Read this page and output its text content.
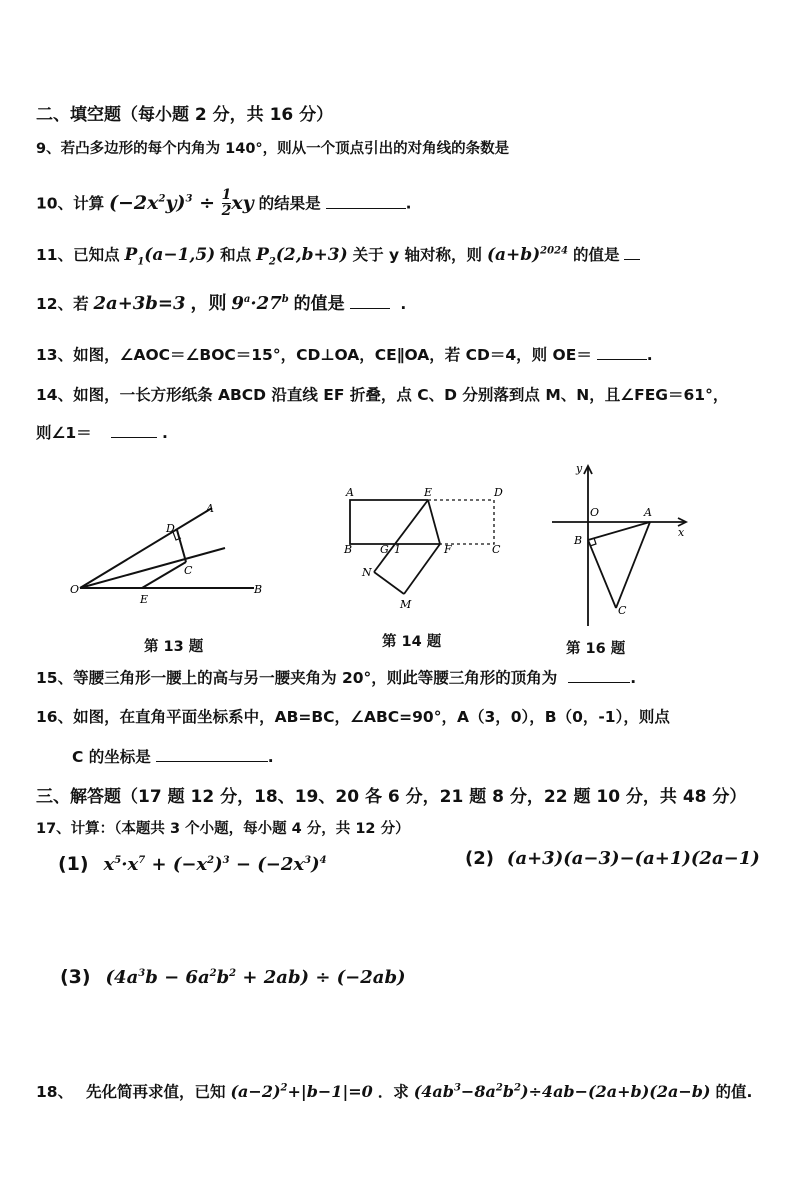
二、填空题（每小题 2 分，共 16 分）
9、若凸多边形的每个内角为 140°，则从一个顶点引出的对角线的条数是
10、计算 $(-2x^2y)^3 \div \frac{1}{2}$ xy 的结果是	.
11、已知点 $P_1(a-1,5)$ 和点 $P_2(2,b+3)$ 关于 y 轴对称，则 $(a+b)^{2024}$ 的值是
12、若 2a+3b=3 ，则 $9^a\cdot 27^b$ 的值是	.
13、如图，∠AOC＝∠BOC＝15°，CD⊥OA，CE∥OA，若 CD＝4，则 OE＝	.
14、如图，一长方形纸条 ABCD 沿直线 EF 折叠，点 C、D 分别落到点 M、N，且∠FEG＝61°，
则∠1＝	.
A
D
C
O
E
B
第 13 题
A	E	D
B	G 1	F	C
N
M
第 14 题
y
O	A
x
B
C
第 16 题
15、等腰三角形一腰上的高与另一腰夹角为 20°，则此等腰三角形的顶角为	.
16、如图，在直角平面坐标系中，AB=BC，∠ABC=90°，A（3，0），B（0，-1），则点
C 的坐标是	.
三、解答题（17 题 12 分，18、19、20 各 6 分，21 题 8 分，22 题 10 分，共 48 分）
17、计算：（本题共 3 个小题，每小题 4 分，共 12 分）
(1) $x^5\cdot x^7 + (-x^2)^3 - (-2x^3)^4$	(2) (a+3)(a−3)−(a+1)(2a−1)
(3) $(4a^3b - 6a^2b^2 + 2ab) \div (-2ab)$
18、 先化简再求值，已知 $(a-2)^2+|b-1|=0$ ．求 $(4ab^3-8a^2b^2)\div 4ab-(2a+b)(2a-b)$ 的值.
